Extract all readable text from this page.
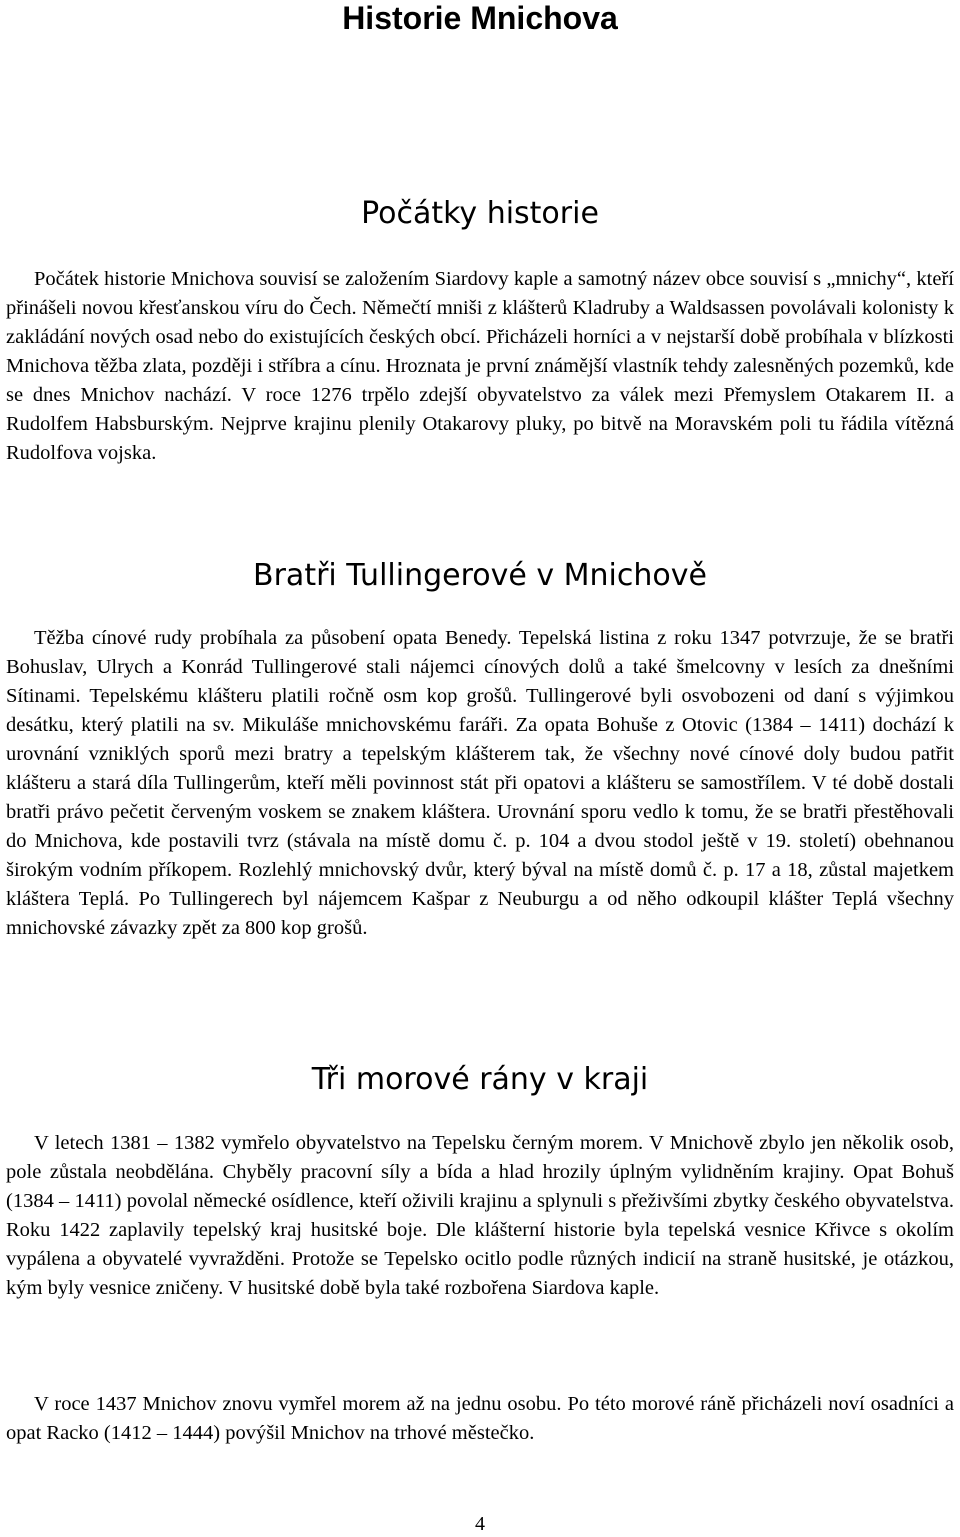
Historie Mnichova
Počátky historie

Počátek historie Mnichova souvisí se založením Siardovy kaple a samotný název obce souvisí s „mnichy“, kteří přinášeli novou křesťanskou víru do Čech. Němečtí mniši z klášterů Kladruby a Waldsassen povolávali kolonisty k zakládání nových osad nebo do existujících českých obcí. Přicházeli horníci a v nejstarší době probíhala v blízkosti Mnichova těžba zlata, později i stříbra a cínu. Hroznata je první známější vlastník tehdy zalesněných pozemků, kde se dnes Mnichov nachází. V roce 1276 trpělo zdejší obyvatelstvo za válek mezi Přemyslem Otakarem II. a Rudolfem Habsburským. Nejprve krajinu plenily Otakarovy pluky, po bitvě na Moravském poli tu řádila vítězná Rudolfova vojska.

Bratři Tullingerové v Mnichově

Těžba cínové rudy probíhala za působení opata Benedy. Tepelská listina z roku 1347 potvrzuje, že se bratři Bohuslav, Ulrych a Konrád Tullingerové stali nájemci cínových dolů a také šmelcovny v lesích za dnešními Sítinami. Tepelskému klášteru platili ročně osm kop grošů. Tullingerové byli osvobozeni od daní s výjimkou desátku, který platili na sv. Mikuláše mnichovskému faráři. Za opata Bohuše z Otovic (1384 – 1411) dochází k urovnání vzniklých sporů mezi bratry a tepelským klášterem tak, že všechny nové cínové doly budou patřit klášteru a stará díla Tullingerům, kteří měli povinnost stát při opatovi a klášteru se samostřílem. V té době dostali bratři právo pečetit červeným voskem se znakem kláštera. Urovnání sporu vedlo k tomu, že se bratři přestěhovali do Mnichova, kde postavili tvrz (stávala na místě domu č. p. 104 a dvou stodol ještě v 19. století) obehnanou širokým vodním příkopem. Rozlehlý mnichovský dvůr, který býval na místě domů č. p. 17 a 18, zůstal majetkem kláštera Teplá. Po Tullingerech byl nájemcem Kašpar z Neuburgu a od něho odkoupil klášter Teplá všechny mnichovské závazky zpět za 800 kop grošů.

Tři morové rány v kraji

V letech 1381 – 1382 vymřelo obyvatelstvo na Tepelsku černým morem. V Mnichově zbylo jen několik osob, pole zůstala neobdělána. Chyběly pracovní síly a bída a hlad hrozily úplným vylidněním krajiny. Opat Bohuš (1384 – 1411) povolal německé osídlence, kteří oživili krajinu a splynuli s přeživšími zbytky českého obyvatelstva. Roku 1422 zaplavily tepelský kraj husitské boje. Dle klášterní historie byla tepelská vesnice Křivce s okolím vypálena a obyvatelé vyvražděni. Protože se Tepelsko ocitlo podle různých indicií na straně husitské, je otázkou, kým byly vesnice zničeny. V husitské době byla také rozbořena Siardova kaple.

V roce 1437 Mnichov znovu vymřel morem až na jednu osobu. Po této morové ráně přicházeli noví osadníci a opat Racko (1412 – 1444) povýšil Mnichov na trhové městečko.

4
